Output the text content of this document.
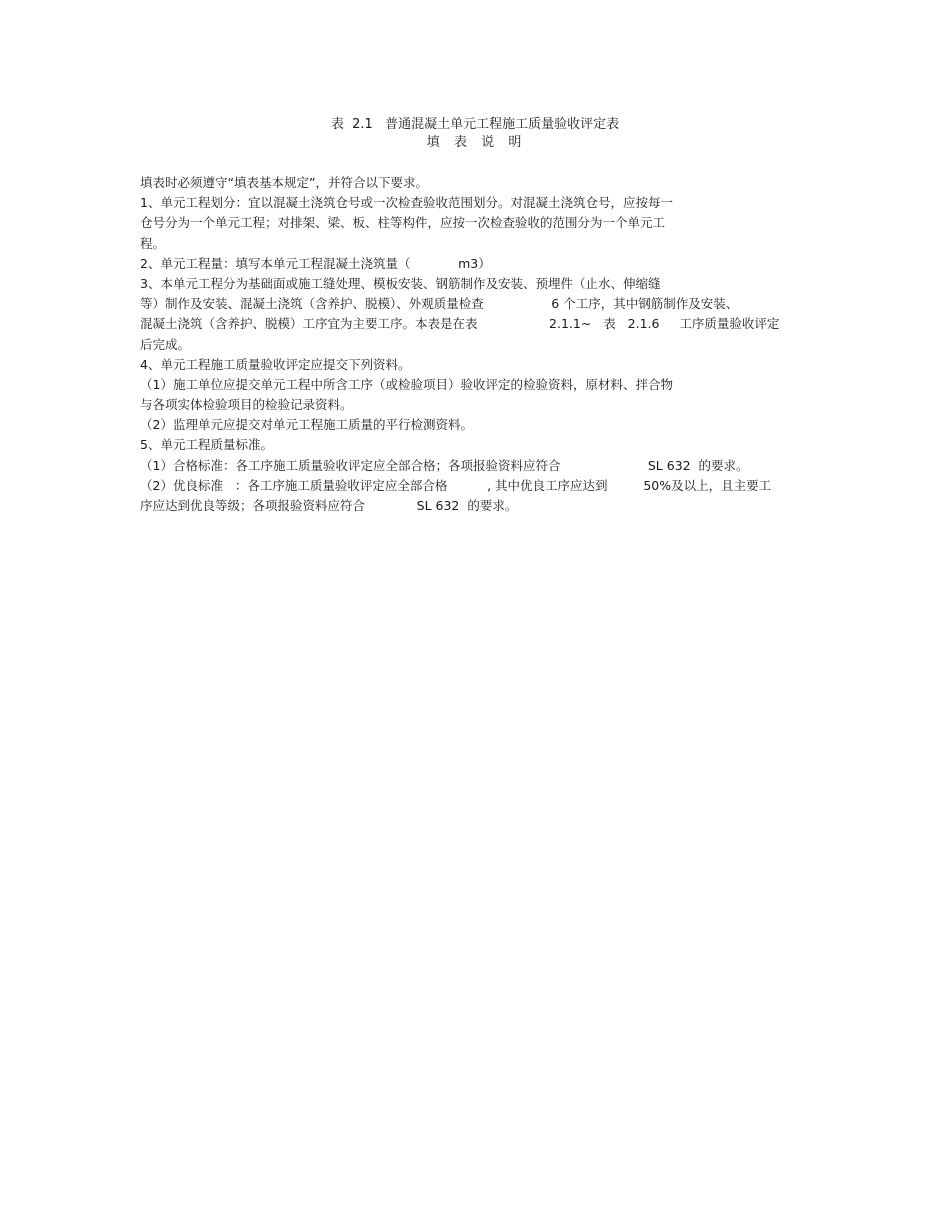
表  2.1   普通混凝土单元工程施工质量验收评定表
填  表  说  明
填表时必须遵守“填表基本规定”，并符合以下要求。
1、单元工程划分：宜以混凝土浇筑仓号或一次检查验收范围划分。对混凝土浇筑仓号，应按每一
仓号分为一个单元工程；对排架、梁、板、柱等构件，应按一次检查验收的范围分为一个单元工
程。
2、单元工程量：填写本单元工程混凝土浇筑量（            m3）
3、本单元工程分为基础面或施工缝处理、模板安装、钢筋制作及安装、预埋件（止水、伸缩缝
等）制作及安装、混凝土浇筑（含养护、脱模）、外观质量检查                 6 个工序，其中钢筋制作及安装、
混凝土浇筑（含养护、脱模）工序宜为主要工序。本表是在表                  2.1.1~   表   2.1.6     工序质量验收评定
后完成。
4、单元工程施工质量验收评定应提交下列资料。
（1）施工单位应提交单元工程中所含工序（或检验项目）验收评定的检验资料，原材料、拌合物
与各项实体检验项目的检验记录资料。
（2）监理单元应提交对单元工程施工质量的平行检测资料。
5、单元工程质量标准。
（1）合格标准：各工序施工质量验收评定应全部合格；各项报验资料应符合                      SL 632  的要求。
（2）优良标准   ：各工序施工质量验收评定应全部合格          , 其中优良工序应达到         50%及以上，且主要工
序应达到优良等级；各项报验资料应符合             SL 632  的要求。
